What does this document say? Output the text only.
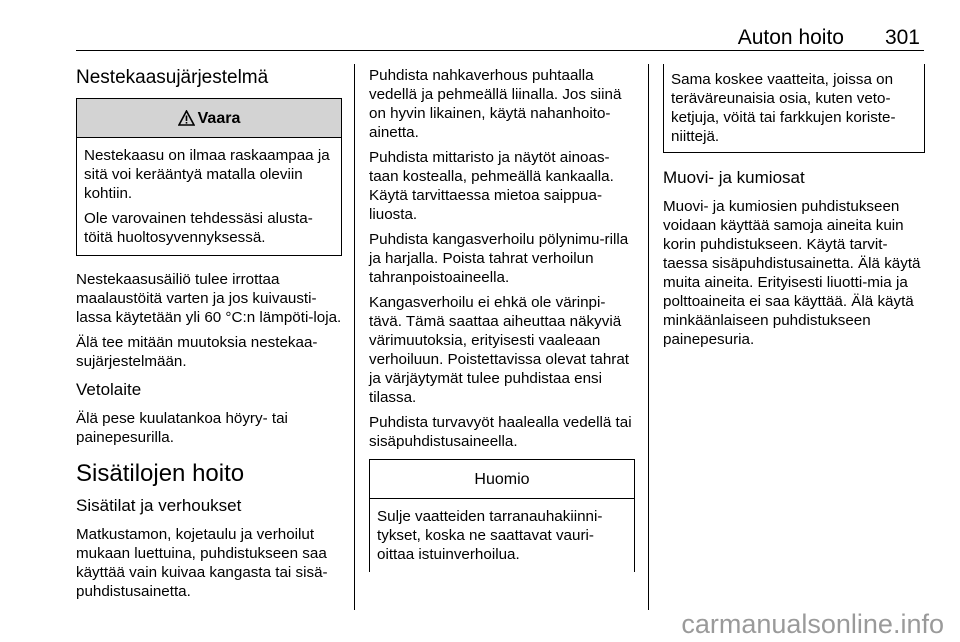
Auton hoito 301
Nestekaasujärjestelmä
Vaara

Nestekaasu on ilmaa raskaampaa ja sitä voi kerääntyä matalla oleviin kohtiin.

Ole varovainen tehdessäsi alusta-töitä huoltosyvennyksessä.

Nestekaasusäiliö tulee irrottaa maalaustöitä varten ja jos kuivausti-lassa käytetään yli 60 °C:n lämpöti-loja.

Älä tee mitään muutoksia nestekaa-sujärjestelmään.

Vetolaite

Älä pese kuulatankoa höyry- tai painepesurilla.

Sisätilojen hoito
Sisätilat ja verhoukset

Matkustamon, kojetaulu ja verhoilut mukaan luettuina, puhdistukseen saa käyttää vain kuivaa kangasta tai sisä-puhdistusainetta.

Puhdista nahkaverhous puhtaalla vedellä ja pehmeällä liinalla. Jos siinä on hyvin likainen, käytä nahanhoito-ainetta.

Puhdista mittaristo ja näytöt ainoas-taan kostealla, pehmeällä kankaalla. Käytä tarvittaessa mietoa saippua-liuosta.

Puhdista kangasverhoilu pölynimu-rilla ja harjalla. Poista tahrat verhoilun tahranpoistoaineella.

Kangasverhoilu ei ehkä ole värinpi-tävä. Tämä saattaa aiheuttaa näkyviä värimuutoksia, erityisesti vaaleaan verhoiluun. Poistettavissa olevat tahrat ja värjäytymät tulee puhdistaa ensi tilassa.

Puhdista turvavyöt haalealla vedellä tai sisäpuhdistusaineella.

Huomio

Sulje vaatteiden tarranauhakiinni-tykset, koska ne saattavat vauri-oittaa istuinverhoilua.

Sama koskee vaatteita, joissa on teräväreunaisia osia, kuten veto-ketjuja, vöitä tai farkkujen koriste-niittejä.
Muovi- ja kumiosat

Muovi- ja kumiosien puhdistukseen voidaan käyttää samoja aineita kuin korin puhdistukseen. Käytä tarvit-taessa sisäpuhdistusainetta. Älä käytä muita aineita. Erityisesti liuotti-mia ja polttoaineita ei saa käyttää. Älä käytä minkäänlaiseen puhdistukseen painepesuria.

carmanualsonline.info
